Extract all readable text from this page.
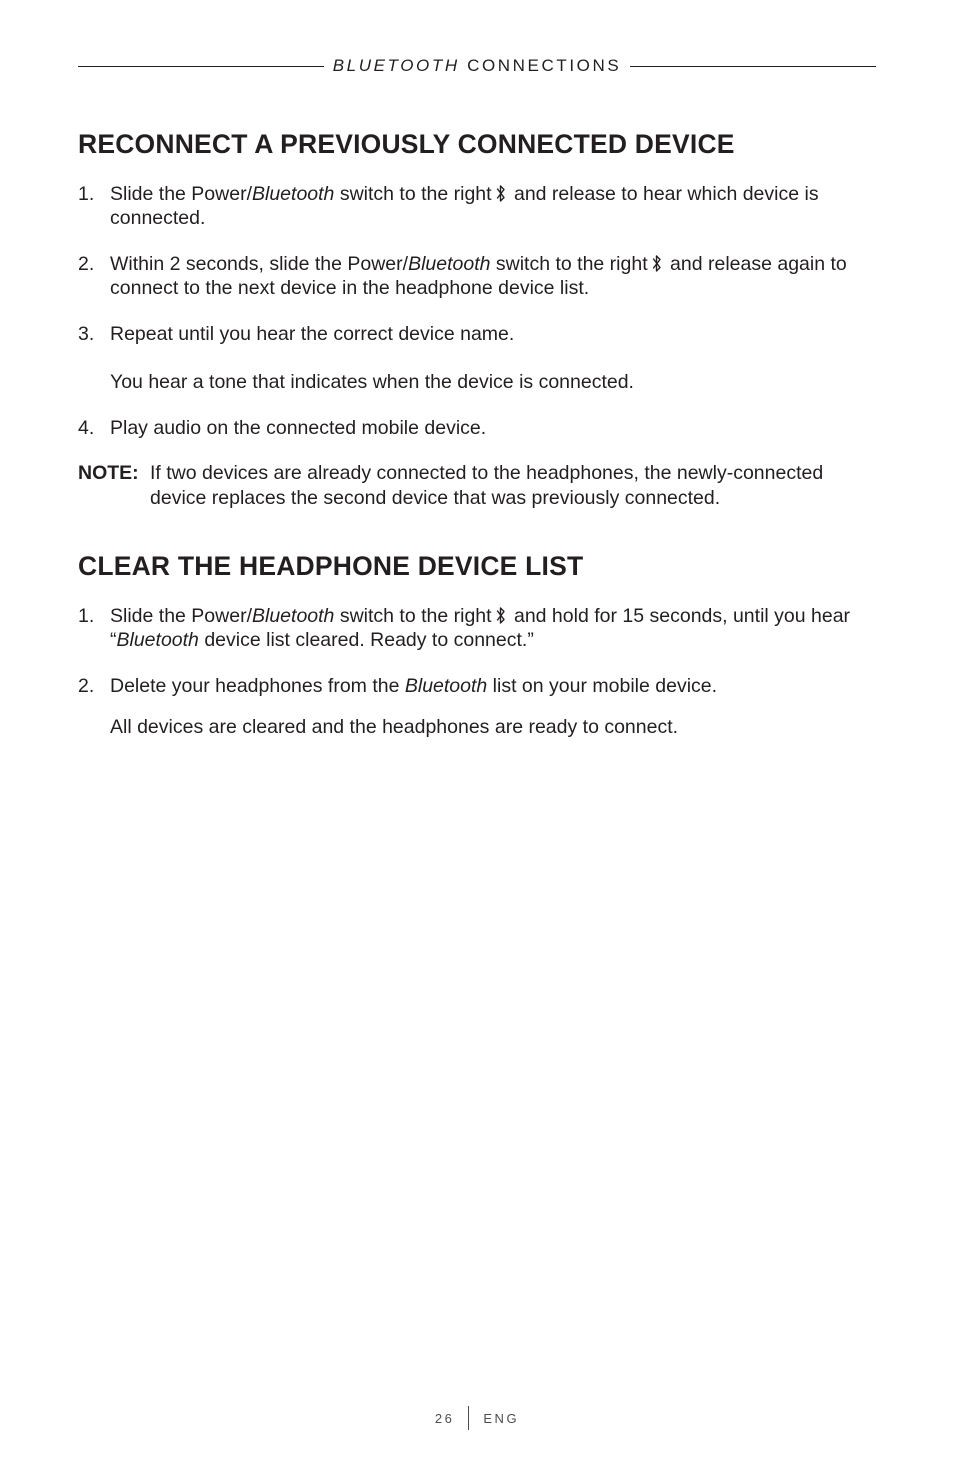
BLUETOOTH CONNECTIONS
RECONNECT A PREVIOUSLY CONNECTED DEVICE
1. Slide the Power/Bluetooth switch to the right
and release to hear which device is connected.
2. Within 2 seconds, slide the Power/Bluetooth switch to the right
and release again to connect to the next device in the headphone device list.
3. Repeat until you hear the correct device name.
You hear a tone that indicates when the device is connected.
4. Play audio on the connected mobile device.
NOTE: If two devices are already connected to the headphones, the newly-connected device replaces the second device that was previously connected.
CLEAR THE HEADPHONE DEVICE LIST
1. Slide the Power/Bluetooth switch to the right
and hold for 15 seconds, until you hear “Bluetooth device list cleared. Ready to connect.”
2. Delete your headphones from the Bluetooth list on your mobile device.
All devices are cleared and the headphones are ready to connect.
26 ENG
